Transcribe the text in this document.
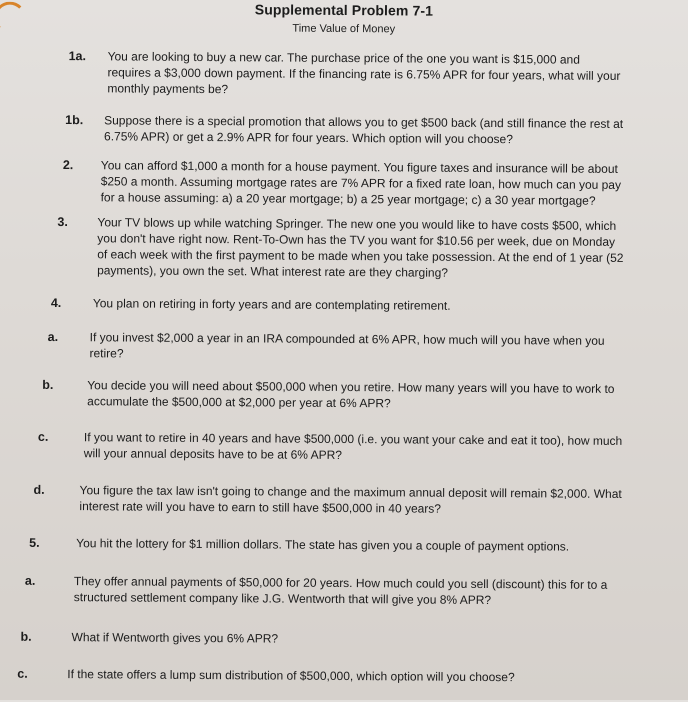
Supplemental Problem 7-1
Time Value of Money
1a. You are looking to buy a new car. The purchase price of the one you want is $15,000 and requires a $3,000 down payment. If the financing rate is 6.75% APR for four years, what will your monthly payments be?
1b. Suppose there is a special promotion that allows you to get $500 back (and still finance the rest at 6.75% APR) or get a 2.9% APR for four years. Which option will you choose?
2. You can afford $1,000 a month for a house payment. You figure taxes and insurance will be about $250 a month. Assuming mortgage rates are 7% APR for a fixed rate loan, how much can you pay for a house assuming: a) a 20 year mortgage; b) a 25 year mortgage; c) a 30 year mortgage?
3. Your TV blows up while watching Springer. The new one you would like to have costs $500, which you don't have right now. Rent-To-Own has the TV you want for $10.56 per week, due on Monday of each week with the first payment to be made when you take possession. At the end of 1 year (52 payments), you own the set. What interest rate are they charging?
4.	You plan on retiring in forty years and are contemplating retirement.
a.	If you invest $2,000 a year in an IRA compounded at 6% APR, how much will you have when you retire?
b.	You decide you will need about $500,000 when you retire. How many years will you have to work to accumulate the $500,000 at $2,000 per year at 6% APR?
c.	If you want to retire in 40 years and have $500,000 (i.e. you want your cake and eat it too), how much will your annual deposits have to be at 6% APR?
d.	You figure the tax law isn't going to change and the maximum annual deposit will remain $2,000. What interest rate will you have to earn to still have $500,000 in 40 years?
5.	You hit the lottery for $1 million dollars. The state has given you a couple of payment options.
a.	They offer annual payments of $50,000 for 20 years. How much could you sell (discount) this for to a structured settlement company like J.G. Wentworth that will give you 8% APR?
b.	What if Wentworth gives you 6% APR?
c.	If the state offers a lump sum distribution of $500,000, which option will you choose?
